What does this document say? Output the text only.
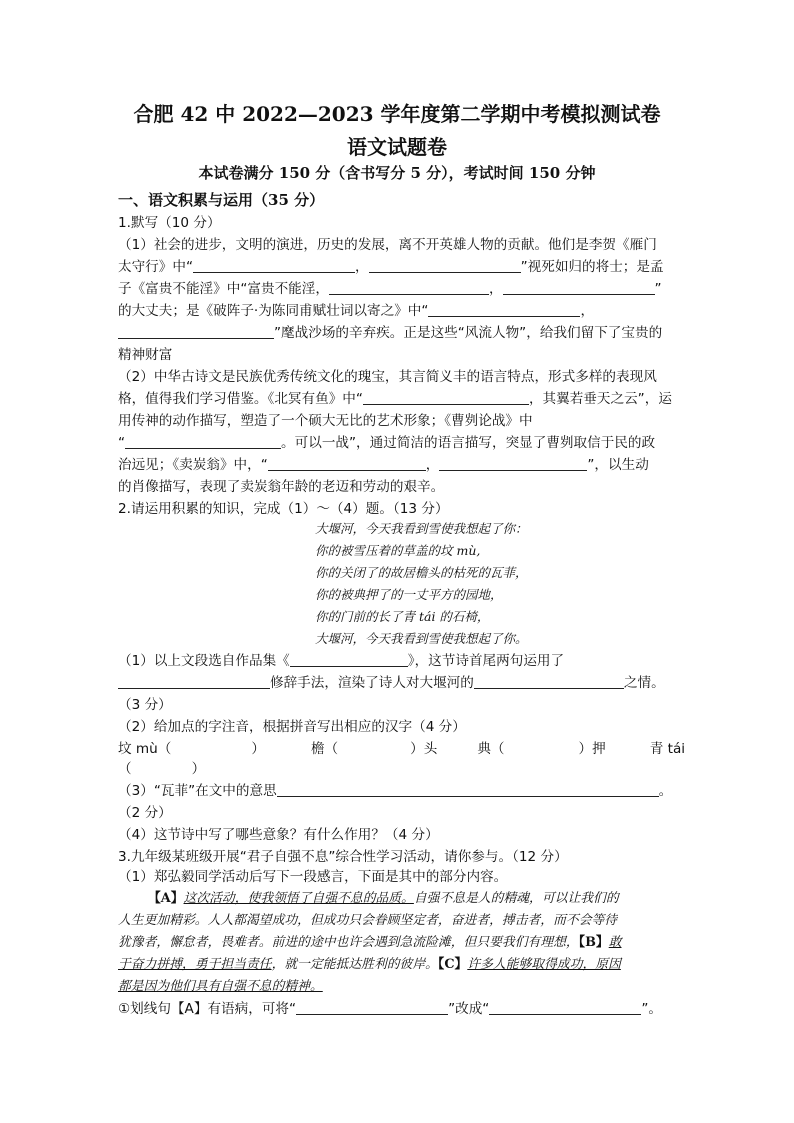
合肥 42 中 2022—2023 学年度第二学期中考模拟测试卷
语文试题卷
本试卷满分 150 分（含书写分 5 分），考试时间 150 分钟
一、语文积累与运用（35 分）
1.默写（10 分）
（1）社会的进步，文明的演进，历史的发展，离不开英雄人物的贡献。他们是李贺《雁门
太守行》中“	，	”视死如归的将士；是孟
子《富贵不能淫》中“富贵不能淫，	，	”
的大丈夫；是《破阵子·为陈同甫赋壮词以寄之》中“	，
”麾战沙场的辛弃疾。正是这些“风流人物”，给我们留下了宝贵的
精神财富
（2）中华古诗文是民族优秀传统文化的瑰宝，其言简义丰的语言特点，形式多样的表现风
格，值得我们学习借鉴。《北冥有鱼》中“	，其翼若垂天之云”，运
用传神的动作描写，塑造了一个硕大无比的艺术形象；《曹刿论战》中
“	。可以一战”，通过简洁的语言描写，突显了曹刿取信于民的政
治远见；《卖炭翁》中，“	，	”，以生动
的肖像描写，表现了卖炭翁年龄的老迈和劳动的艰辛。
2.请运用积累的知识，完成（1）～（4）题。（13 分）
大堰河，今天我看到雪使我想起了你：
你的被雪压着的草盖的坟 mù,
你的关闭了的故居檐头的枯死的瓦菲，
你的被典押了的一丈平方的园地，
你的门前的长了青 tái 的石椅，
大堰河，今天我看到雪使我想起了你。
（1）以上文段选自作品集《	》，这节诗首尾两句运用了
修辞手法，渲染了诗人对大堰河的	之情。
（3 分）
（2）给加点的字注音，根据拼音写出相应的汉字（4 分）
坟 mù（	）	檐（	）头	典（	）押	青 tái
（	）
（3）“瓦菲”在文中的意思	。
（2 分）
（4）这节诗中写了哪些意象？有什么作用？（4 分）
3.九年级某班级开展“君子自强不息”综合性学习活动，请你参与。（12 分）
（1）郑弘毅同学活动后写下一段感言，下面是其中的部分内容。
【A】这次活动，使我领悟了自强不息的品质。自强不息是人的精魂，可以让我们的
人生更加精彩。人人都渴望成功，但成功只会眷顾坚定者，奋进者，搏击者，而不会等待
犹豫者，懈怠者，畏难者。前进的途中也许会遇到急流险滩，但只要我们有理想，【B】敢
于奋力拼搏，勇于担当责任，就一定能抵达胜利的彼岸。【C】许多人能够取得成功，原因
都是因为他们具有自强不息的精神。
①划线句【A】有语病，可将“	”改成“	”。
